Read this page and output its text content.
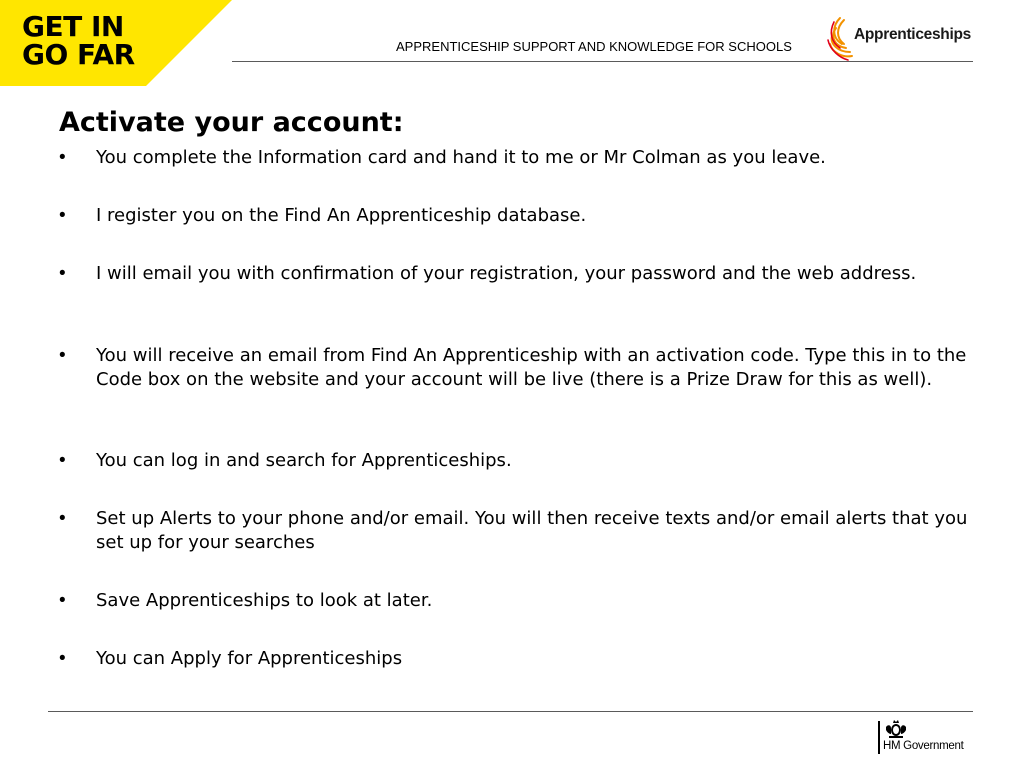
GET IN
GO FAR	APPRENTICESHIP SUPPORT AND KNOWLEDGE FOR SCHOOLS
Apprenticeships
Activate your account:
•	You complete the Information card and hand it to me or Mr Colman as you leave.
•	I register you on the Find An Apprenticeship database.
•	I will email you with confirmation of your registration, your password and the web address.
•	You will receive an email from Find An Apprenticeship with an activation code. Type this in to the Code box on the website and your account will be live (there is a Prize Draw for this as well).
•	You can log in and search for Apprenticeships.
•	Set up Alerts to your phone and/or email. You will then receive texts and/or email alerts that you set up for your searches
•	Save Apprenticeships to look at later.
•	You can Apply for Apprenticeships
HM Government
